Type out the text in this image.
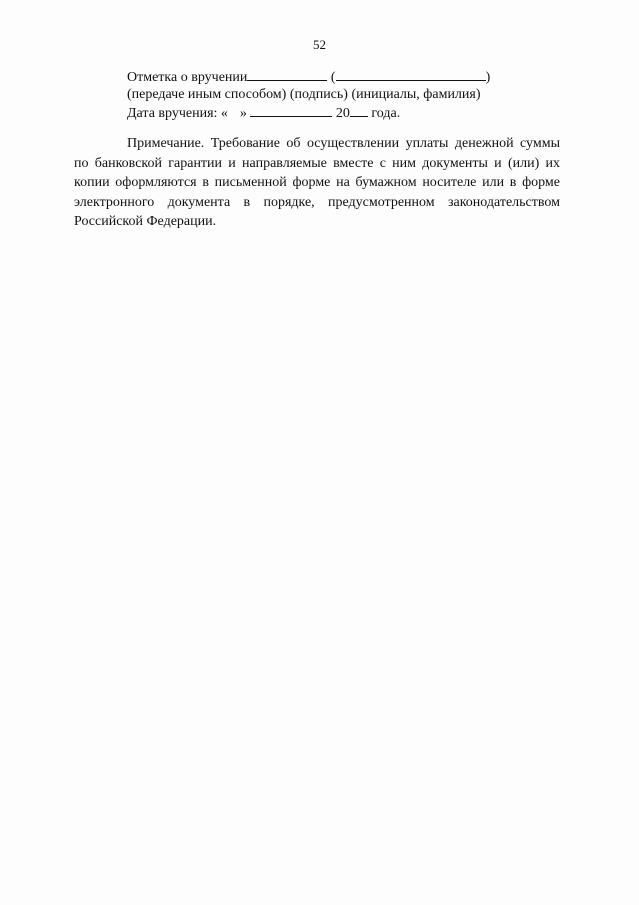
52
Отметка о вручении	(	)
(передаче иным способом) (подпись) (инициалы, фамилия)
Дата вручения: « »	20 года.

Примечание. Требование об осуществлении уплаты денежной суммы по банковской гарантии и направляемые вместе с ним документы и (или) их копии оформляются в письменной форме на бумажном носителе или в форме электронного документа в порядке, предусмотренном законодательством Российской Федерации.
